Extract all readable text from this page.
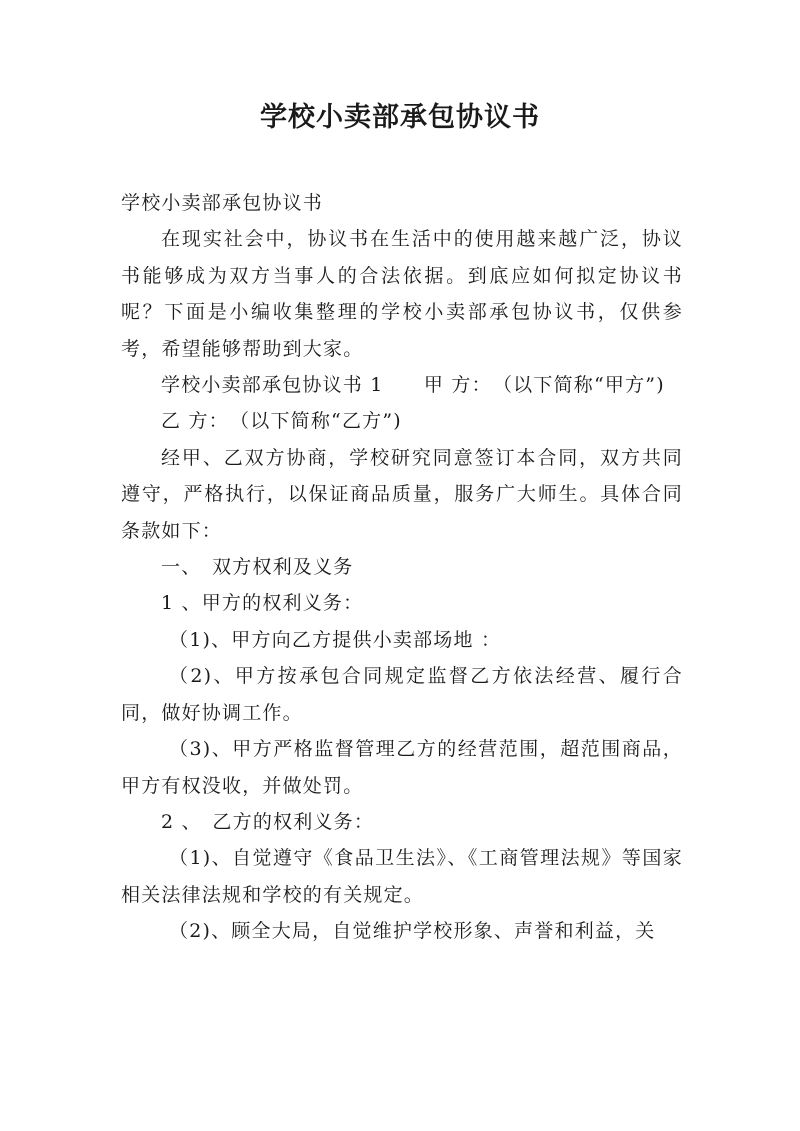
学校小卖部承包协议书

学校小卖部承包协议书

在现实社会中，协议书在生活中的使用越来越广泛，协议书能够成为双方当事人的合法依据。到底应如何拟定协议书呢？下面是小编收集整理的学校小卖部承包协议书，仅供参考，希望能够帮助到大家。

学校小卖部承包协议书 1　　甲 方：　（以下简称“甲方”)

乙 方：　（以下简称“乙方”)

经甲、乙双方协商，学校研究同意签订本合同，双方共同遵守，严格执行，以保证商品质量，服务广大师生。具体合同条款如下：

一、　双方权利及义务

1 、甲方的权利义务：

（1)、甲方向乙方提供小卖部场地 ：

（2)、甲方按承包合同规定监督乙方依法经营、履行合同，做好协调工作。

（3)、甲方严格监督管理乙方的经营范围，超范围商品，甲方有权没收，并做处罚。

2 、　乙方的权利义务：

（1)、自觉遵守《食品卫生法》、《工商管理法规》等国家相关法律法规和学校的有关规定。

（2)、顾全大局，自觉维护学校形象、声誉和利益，关
